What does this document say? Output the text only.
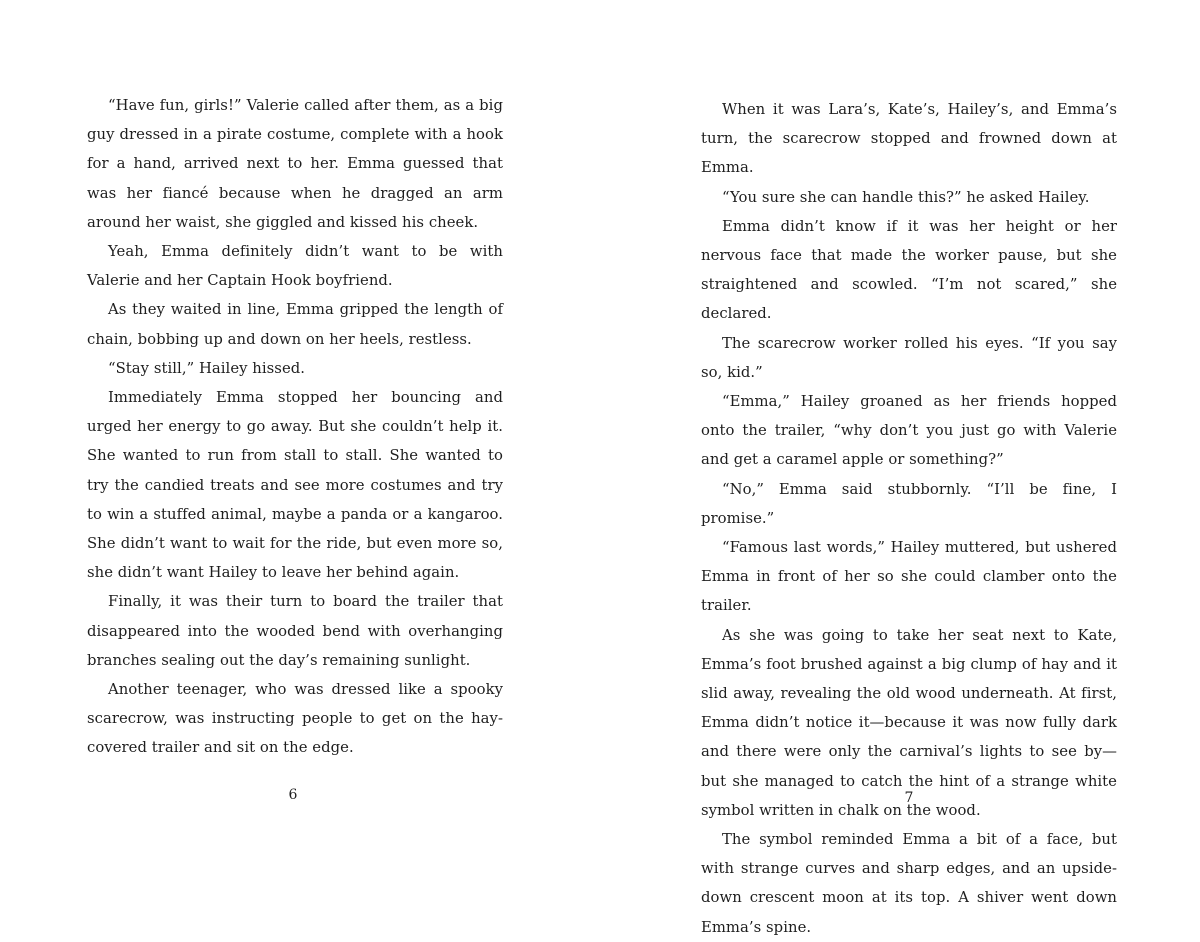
“Have fun, girls!” Valerie called after them, as a big guy dressed in a pirate costume, complete with a hook for a hand, arrived next to her. Emma guessed that was her fiancé because when he dragged an arm around her waist, she giggled and kissed his cheek.

Yeah, Emma definitely didn’t want to be with Valerie and her Captain Hook boyfriend.

As they waited in line, Emma gripped the length of chain, bobbing up and down on her heels, restless.

“Stay still,” Hailey hissed.

Immediately Emma stopped her bouncing and urged her energy to go away. But she couldn’t help it. She wanted to run from stall to stall. She wanted to try the candied treats and see more costumes and try to win a stuffed animal, maybe a panda or a kangaroo. She didn’t want to wait for the ride, but even more so, she didn’t want Hailey to leave her behind again.

Finally, it was their turn to board the trailer that disappeared into the wooded bend with overhanging branches sealing out the day’s remaining sunlight.

Another teenager, who was dressed like a spooky scarecrow, was instructing people to get on the hay-covered trailer and sit on the edge.

6

When it was Lara’s, Kate’s, Hailey’s, and Emma’s turn, the scarecrow stopped and frowned down at Emma.

“You sure she can handle this?” he asked Hailey.

Emma didn’t know if it was her height or her nervous face that made the worker pause, but she straightened and scowled. “I’m not scared,” she declared.

The scarecrow worker rolled his eyes. “If you say so, kid.”

“Emma,” Hailey groaned as her friends hopped onto the trailer, “why don’t you just go with Valerie and get a caramel apple or something?”

“No,” Emma said stubbornly. “I’ll be fine, I promise.”

“Famous last words,” Hailey muttered, but ushered Emma in front of her so she could clamber onto the trailer.

As she was going to take her seat next to Kate, Emma’s foot brushed against a big clump of hay and it slid away, revealing the old wood underneath. At first, Emma didn’t notice it—because it was now fully dark and there were only the carnival’s lights to see by—but she managed to catch the hint of a strange white symbol written in chalk on the wood.

The symbol reminded Emma a bit of a face, but with strange curves and sharp edges, and an upside-down crescent moon at its top. A shiver went down Emma’s spine.

7
